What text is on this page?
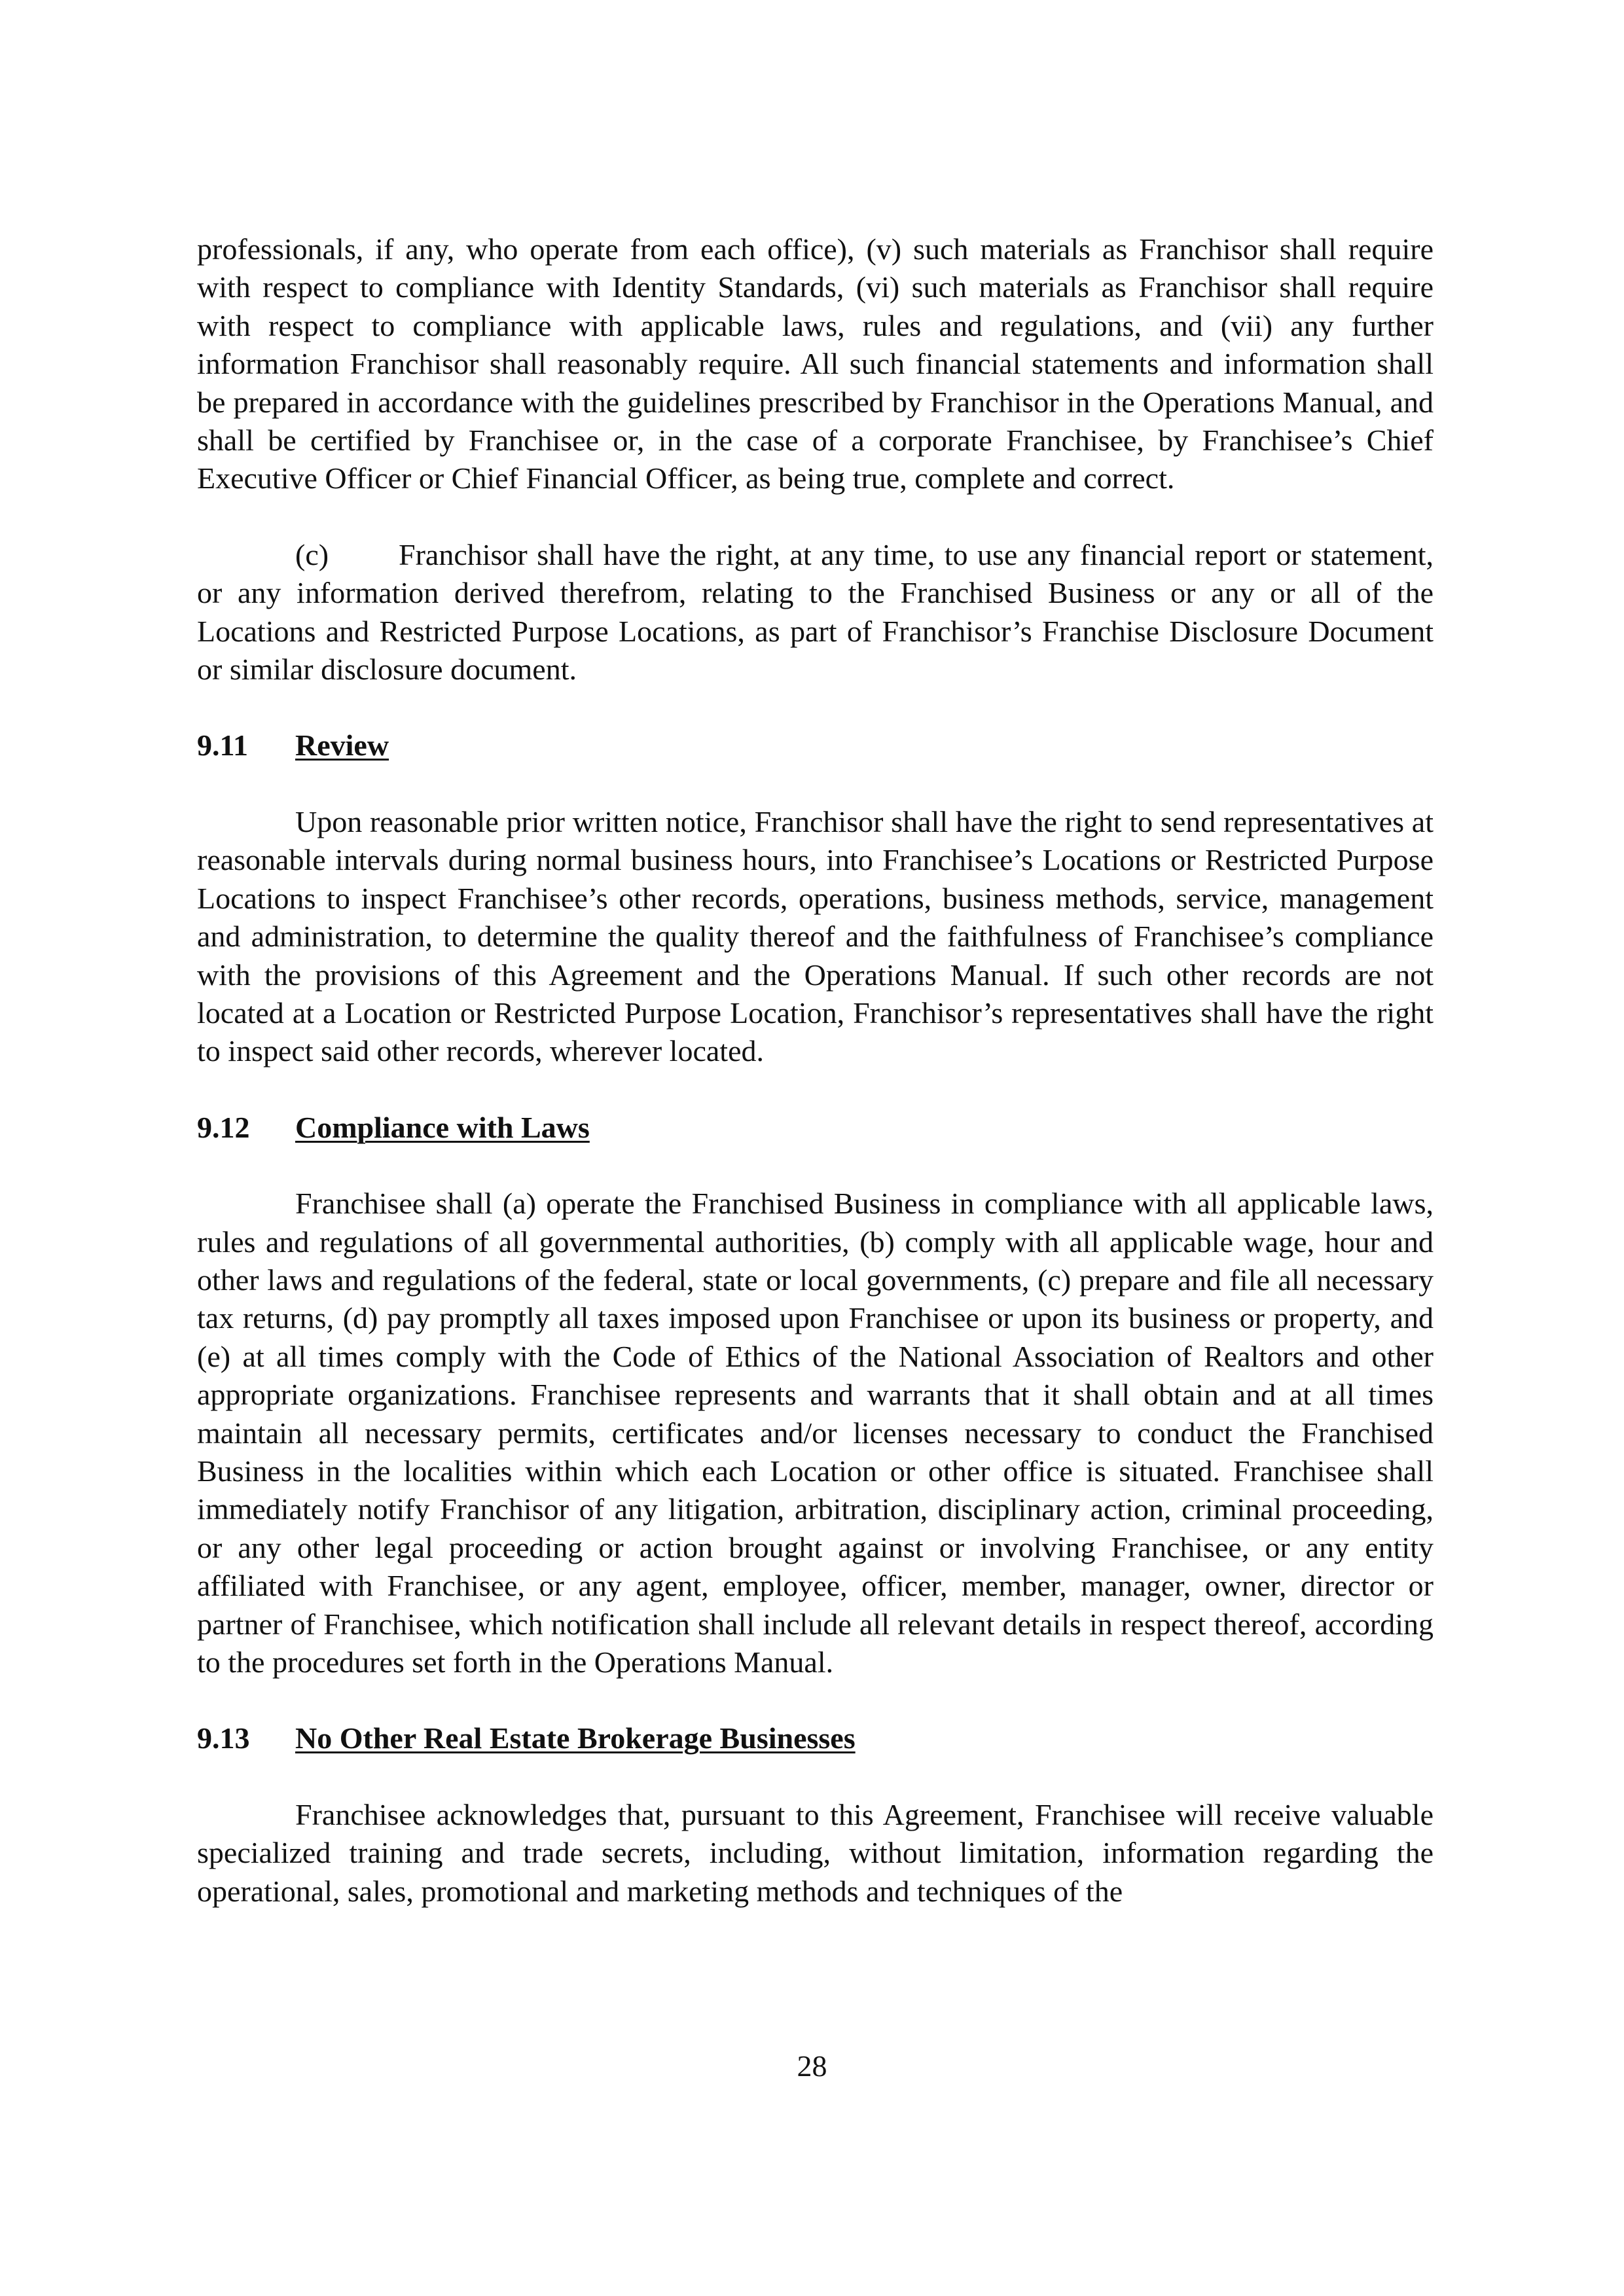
professionals, if any, who operate from each office), (v) such materials as Franchisor shall require with respect to compliance with Identity Standards, (vi) such materials as Franchisor shall require with respect to compliance with applicable laws, rules and regulations, and (vii) any further information Franchisor shall reasonably require. All such financial statements and information shall be prepared in accordance with the guidelines prescribed by Franchisor in the Operations Manual, and shall be certified by Franchisee or, in the case of a corporate Franchisee, by Franchisee’s Chief Executive Officer or Chief Financial Officer, as being true, complete and correct.

(c) Franchisor shall have the right, at any time, to use any financial report or statement, or any information derived therefrom, relating to the Franchised Business or any or all of the Locations and Restricted Purpose Locations, as part of Franchisor’s Franchise Disclosure Document or similar disclosure document.

9.11 Review

Upon reasonable prior written notice, Franchisor shall have the right to send representatives at reasonable intervals during normal business hours, into Franchisee’s Locations or Restricted Purpose Locations to inspect Franchisee’s other records, operations, business methods, service, management and administration, to determine the quality thereof and the faithfulness of Franchisee’s compliance with the provisions of this Agreement and the Operations Manual. If such other records are not located at a Location or Restricted Purpose Location, Franchisor’s representatives shall have the right to inspect said other records, wherever located.

9.12 Compliance with Laws

Franchisee shall (a) operate the Franchised Business in compliance with all applicable laws, rules and regulations of all governmental authorities, (b) comply with all applicable wage, hour and other laws and regulations of the federal, state or local governments, (c) prepare and file all necessary tax returns, (d) pay promptly all taxes imposed upon Franchisee or upon its business or property, and (e) at all times comply with the Code of Ethics of the National Association of Realtors and other appropriate organizations. Franchisee represents and warrants that it shall obtain and at all times maintain all necessary permits, certificates and/or licenses necessary to conduct the Franchised Business in the localities within which each Location or other office is situated. Franchisee shall immediately notify Franchisor of any litigation, arbitration, disciplinary action, criminal proceeding, or any other legal proceeding or action brought against or involving Franchisee, or any entity affiliated with Franchisee, or any agent, employee, officer, member, manager, owner, director or partner of Franchisee, which notification shall include all relevant details in respect thereof, according to the procedures set forth in the Operations Manual.

9.13 No Other Real Estate Brokerage Businesses

Franchisee acknowledges that, pursuant to this Agreement, Franchisee will receive valuable specialized training and trade secrets, including, without limitation, information regarding the operational, sales, promotional and marketing methods and techniques of the

28
